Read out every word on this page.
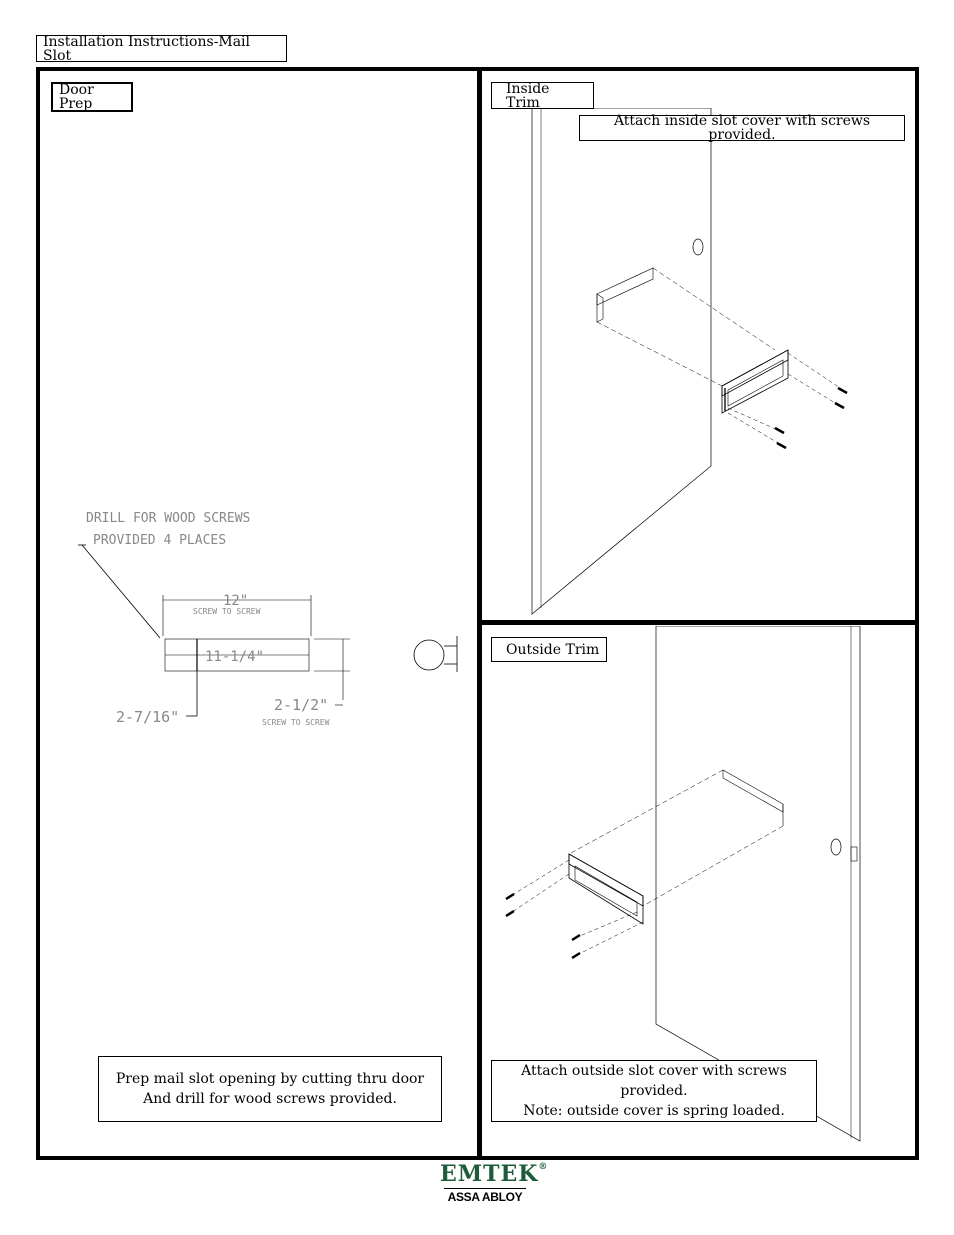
Installation Instructions-Mail Slot
Door Prep
DRILL FOR WOOD SCREWS
PROVIDED 4 PLACES
12"
SCREW TO SCREW
11-1/4"
2-1/2"
SCREW TO SCREW
2-7/16"
Prep mail slot opening by cutting thru door
And drill for wood screws provided.
Inside Trim
Attach inside slot cover with screws provided.
Outside Trim
Attach outside slot cover with screws provided.
Note: outside cover is spring loaded.
EMTEK®
ASSA ABLOY
